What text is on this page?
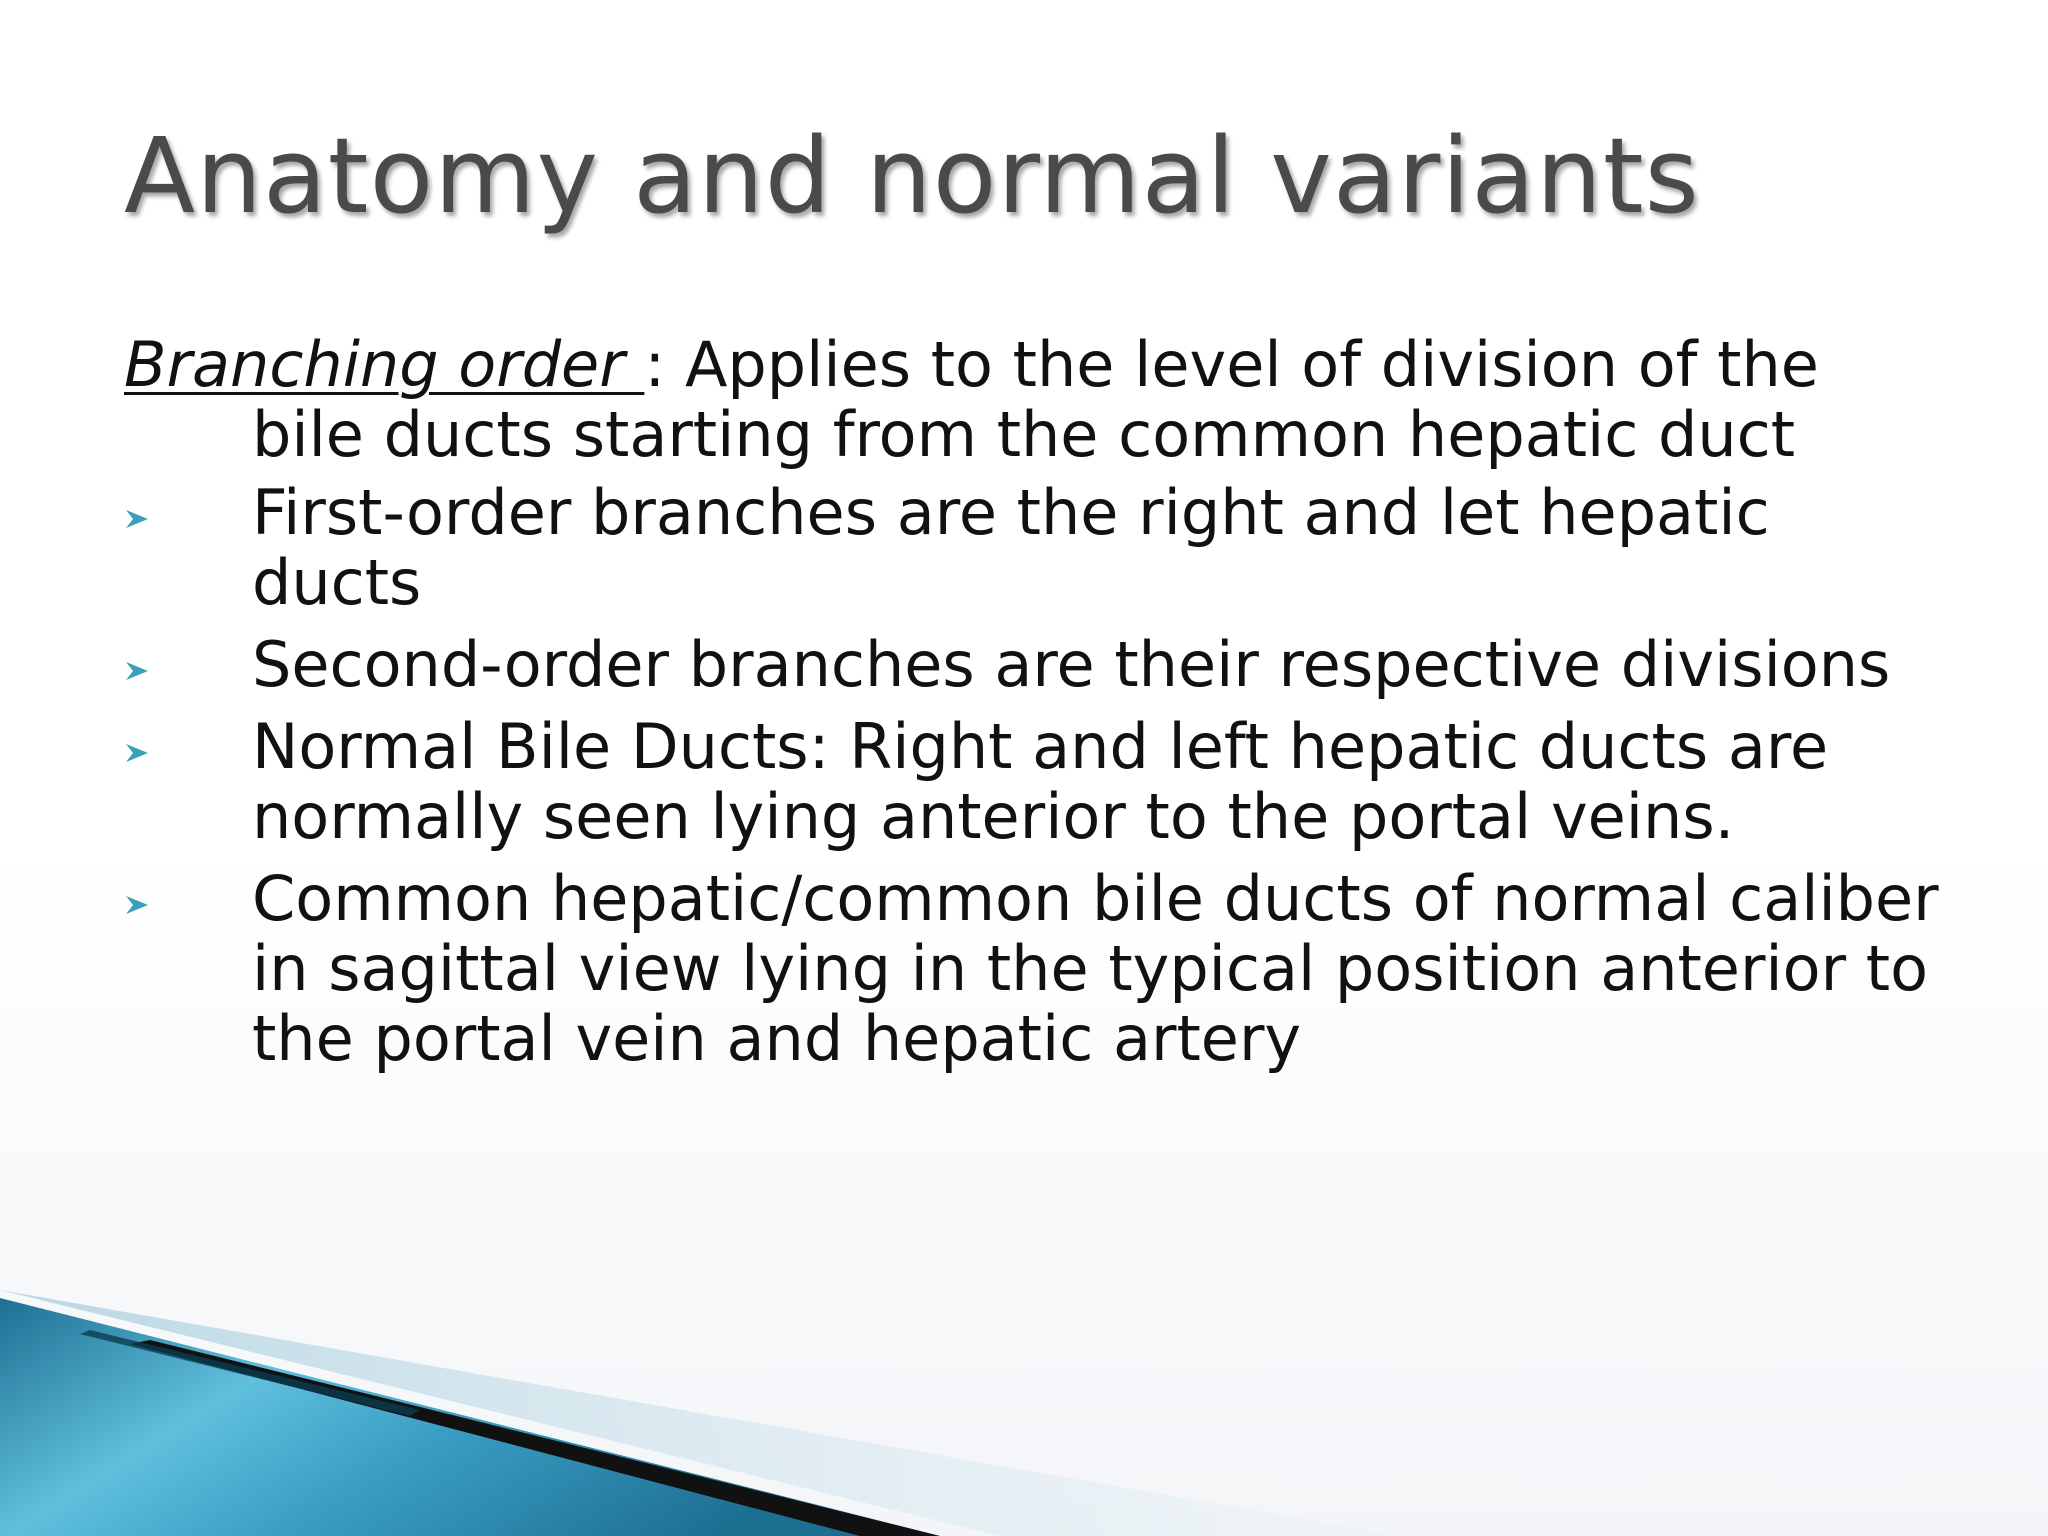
Anatomy and normal variants

Branching order : Applies to the level of division of the bile ducts starting from the common hepatic duct

First-order branches are the right and let hepatic ducts
Second-order branches are their respective divisions
Normal Bile Ducts: Right and left hepatic ducts are normally seen lying anterior to the portal veins.
Common hepatic/common bile ducts of normal caliber in sagittal view lying in the typical position anterior to the portal vein and hepatic artery
